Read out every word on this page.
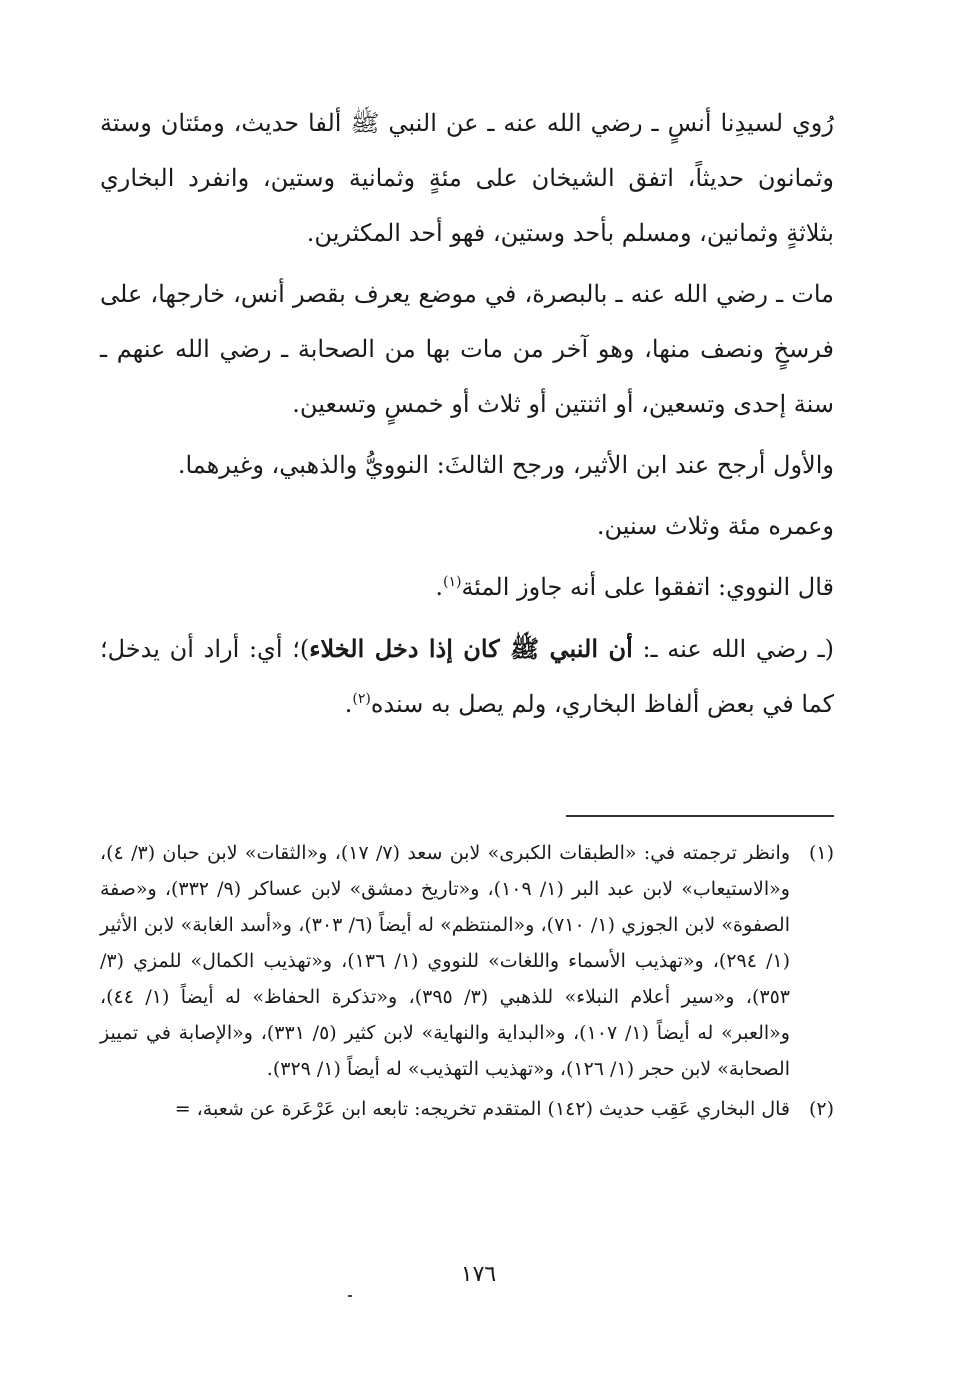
رُوي لسيدِنا أنسٍ ـ رضي الله عنه ـ عن النبي ﷺ ألفا حديث، ومئتان وستة وثمانون حديثاً، اتفق الشيخان على مئةٍ وثمانية وستين، وانفرد البخاري بثلاثةٍ وثمانين، ومسلم بأحد وستين، فهو أحد المكثرين.

مات ـ رضي الله عنه ـ بالبصرة، في موضع يعرف بقصر أنس، خارجها، على فرسخٍ ونصف منها، وهو آخر من مات بها من الصحابة ـ رضي الله عنهم ـ سنة إحدى وتسعين، أو اثنتين أو ثلاث أو خمسٍ وتسعين.

والأول أرجح عند ابن الأثير، ورجح الثالثَ: النوويُّ والذهبي، وغيرهما.

وعمره مئة وثلاث سنين.

قال النووي: اتفقوا على أنه جاوز المئة$^{(١)}$.

(ـ رضي الله عنه ـ: أن النبي ﷺ كان إذا دخل الخلاء)؛ أي: أراد أن يدخل؛ كما في بعض ألفاظ البخاري، ولم يصل به سنده$^{(٢)}$.

(١)
وانظر ترجمته في: «الطبقات الكبرى» لابن سعد (٧/ ١٧)، و«الثقات» لابن حبان (٣/ ٤)، و«الاستيعاب» لابن عبد البر (١/ ١٠٩)، و«تاريخ دمشق» لابن عساكر (٩/ ٣٣٢)، و«صفة الصفوة» لابن الجوزي (١/ ٧١٠)، و«المنتظم» له أيضاً (٦/ ٣٠٣)، و«أسد الغابة» لابن الأثير (١/ ٢٩٤)، و«تهذيب الأسماء واللغات» للنووي (١/ ١٣٦)، و«تهذيب الكمال» للمزي (٣/ ٣٥٣)، و«سير أعلام النبلاء» للذهبي (٣/ ٣٩٥)، و«تذكرة الحفاظ» له أيضاً (١/ ٤٤)، و«العبر» له أيضاً (١/ ١٠٧)، و«البداية والنهاية» لابن كثير (٥/ ٣٣١)، و«الإصابة في تمييز الصحابة» لابن حجر (١/ ١٢٦)، و«تهذيب التهذيب» له أيضاً (١/ ٣٢٩).
(٢)
قال البخاري عَقِب حديث (١٤٢) المتقدم تخريجه: تابعه ابن عَرْعَرة عن شعبة، =
١٧٦
